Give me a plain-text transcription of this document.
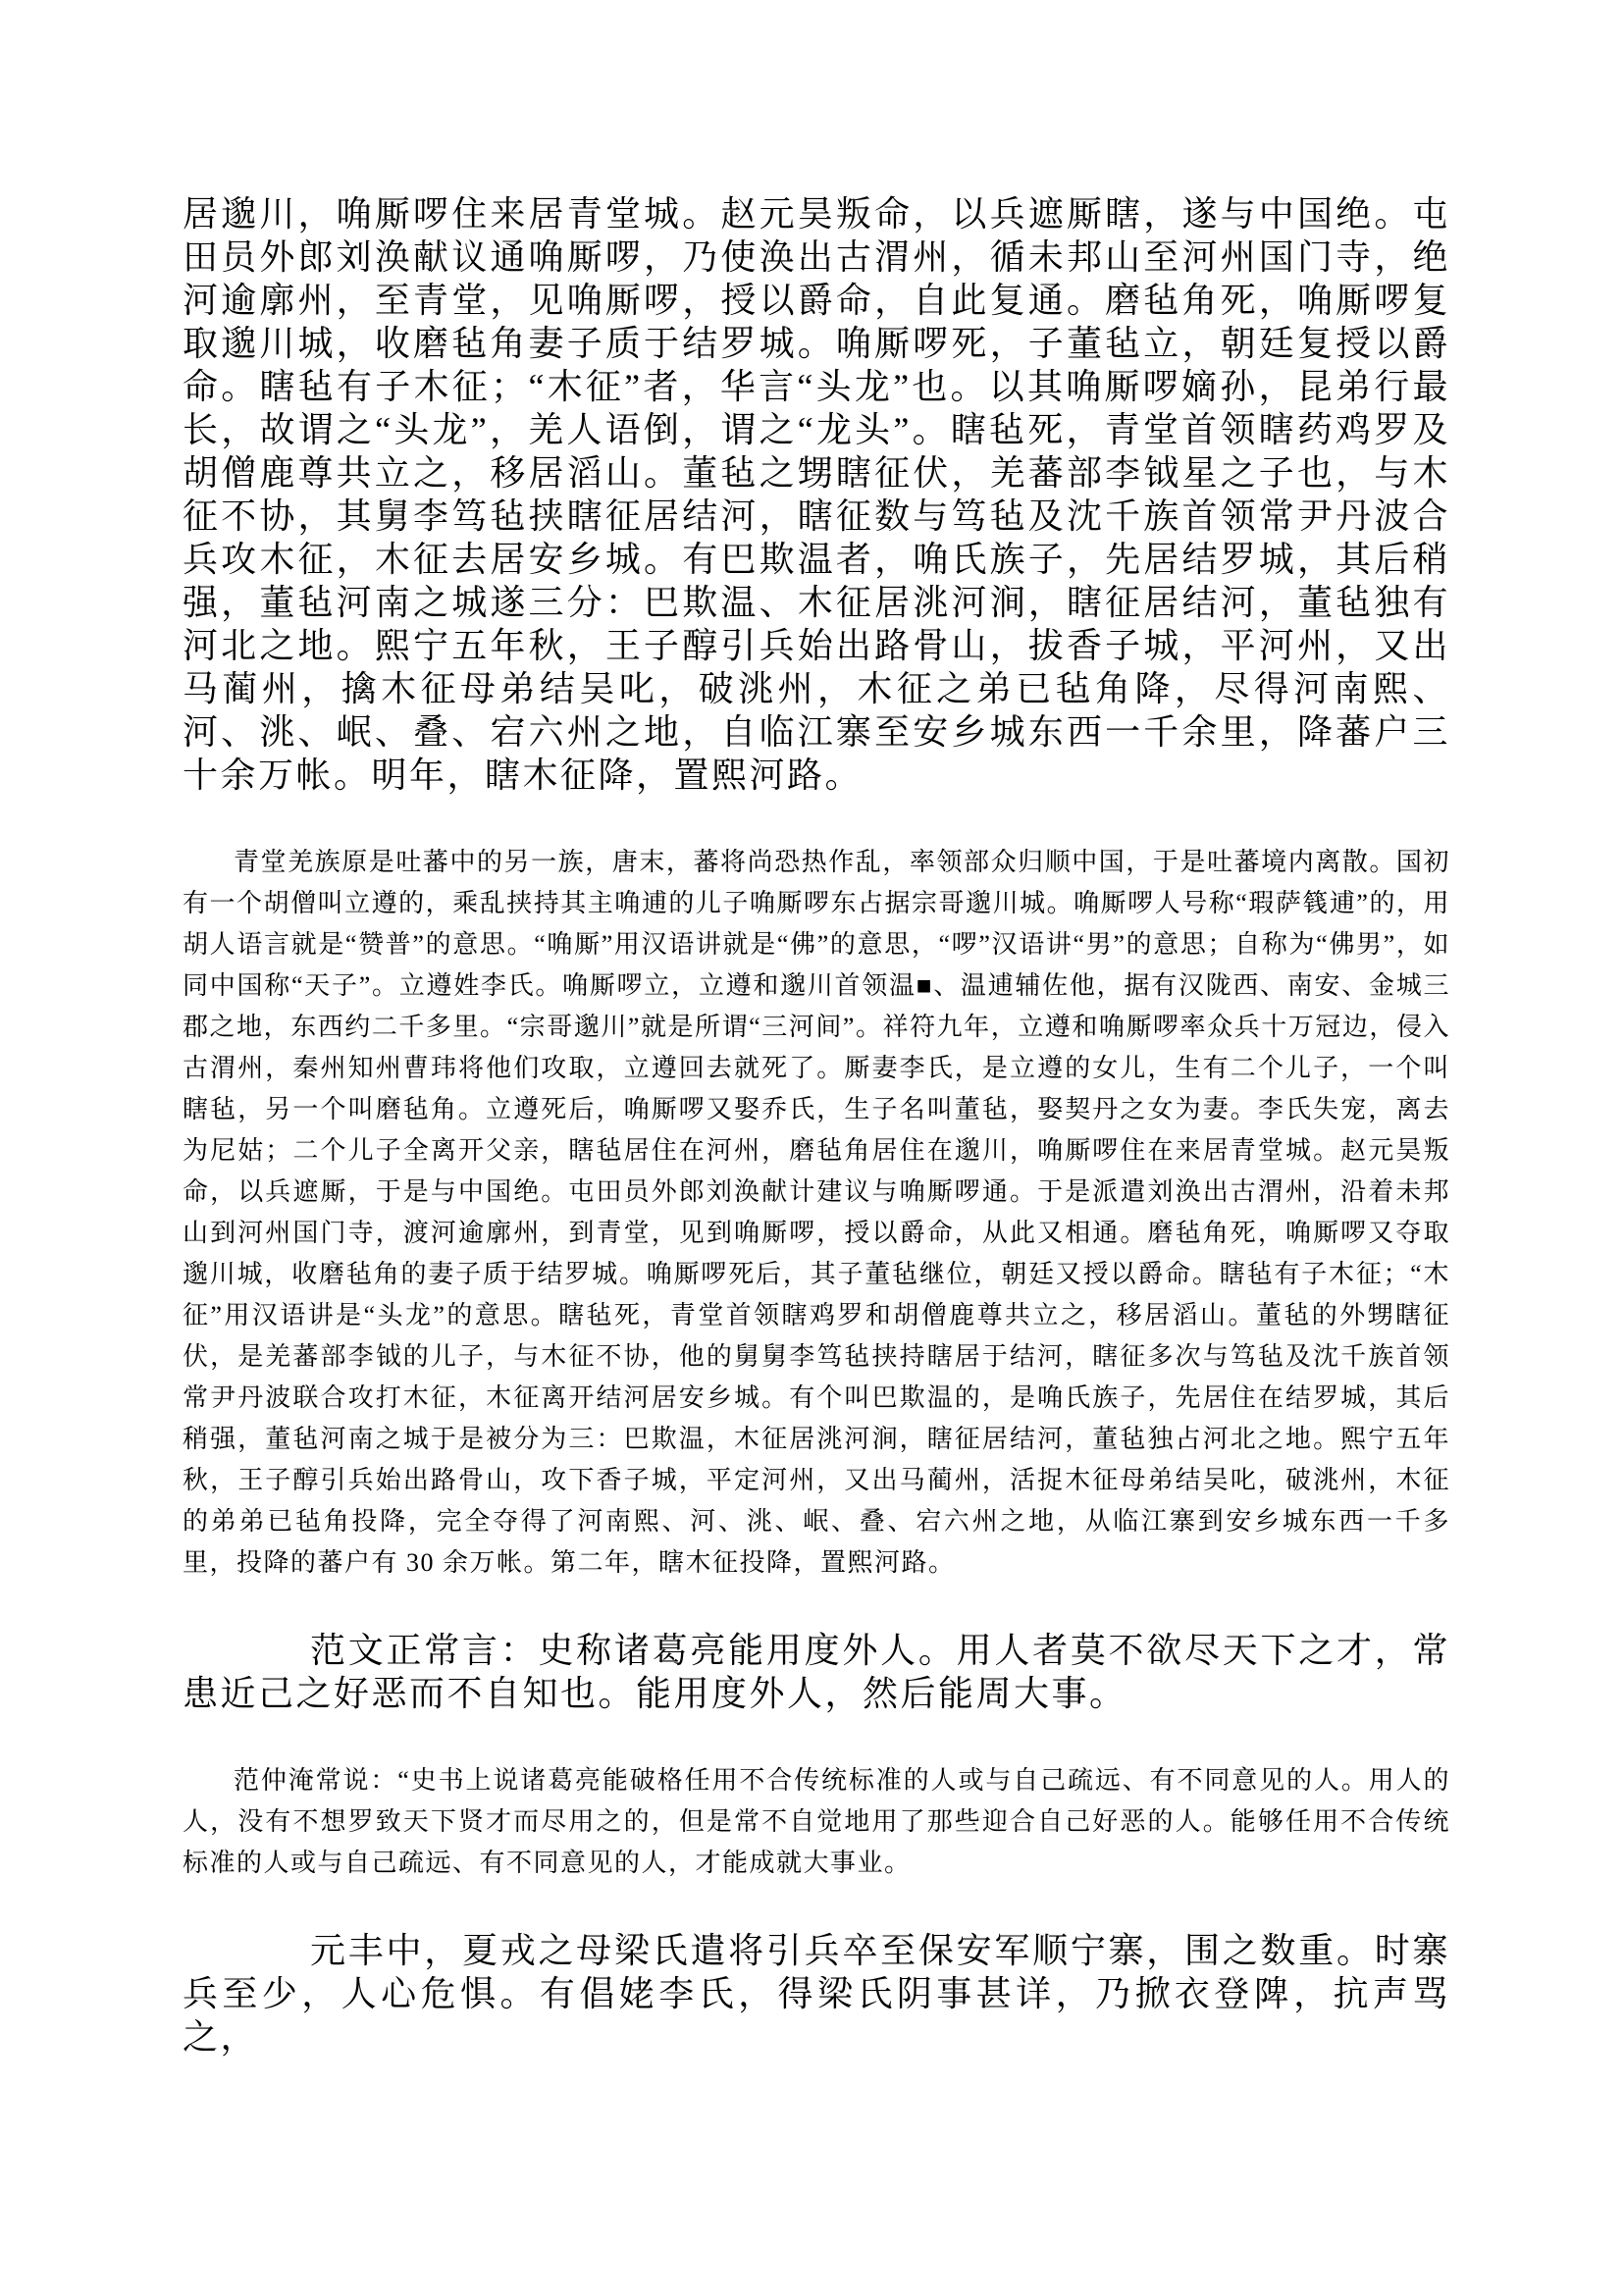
居邈川，唃厮啰住来居青堂城。赵元昊叛命，以兵遮厮瞎，遂与中国绝。屯田员外郎刘涣献议通唃厮啰，乃使涣出古渭州，循未邦山至河州国门寺，绝河逾廓州，至青堂，见唃厮啰，授以爵命，自此复通。磨毡角死，唃厮啰复取邈川城，收磨毡角妻子质于结罗城。唃厮啰死，子董毡立，朝廷复授以爵命。瞎毡有子木征；“木征”者，华言“头龙”也。以其唃厮啰嫡孙，昆弟行最长，故谓之“头龙”，羌人语倒，谓之“龙头”。瞎毡死，青堂首领瞎药鸡罗及胡僧鹿尊共立之，移居滔山。董毡之甥瞎征伏，羌蕃部李钺星之子也，与木征不协，其舅李笃毡挟瞎征居结河，瞎征数与笃毡及沈千族首领常尹丹波合兵攻木征，木征去居安乡城。有巴欺温者，唃氏族子，先居结罗城，其后稍强，董毡河南之城遂三分：巴欺温、木征居洮河涧，瞎征居结河，董毡独有河北之地。熙宁五年秋，王子醇引兵始出路骨山，拔香子城，平河州，又出马蔺州，擒木征母弟结吴叱，破洮州，木征之弟已毡角降，尽得河南熙、河、洮、岷、叠、宕六州之地，自临江寨至安乡城东西一千余里，降蕃户三十余万帐。明年，瞎木征降，置熙河路。

青堂羌族原是吐蕃中的另一族，唐末，蕃将尚恐热作乱，率领部众归顺中国，于是吐蕃境内离散。国初有一个胡僧叫立遵的，乘乱挟持其主唃逋的儿子唃厮啰东占据宗哥邈川城。唃厮啰人号称“瑕萨篯逋”的，用胡人语言就是“赞普”的意思。“唃厮”用汉语讲就是“佛”的意思，“啰”汉语讲“男”的意思；自称为“佛男”，如同中国称“天子”。立遵姓李氏。唃厮啰立，立遵和邈川首领温■、温逋辅佐他，据有汉陇西、南安、金城三郡之地，东西约二千多里。“宗哥邈川”就是所谓“三河间”。祥符九年，立遵和唃厮啰率众兵十万冠边，侵入古渭州，秦州知州曹玮将他们攻取，立遵回去就死了。厮妻李氏，是立遵的女儿，生有二个儿子，一个叫瞎毡，另一个叫磨毡角。立遵死后，唃厮啰又娶乔氏，生子名叫董毡，娶契丹之女为妻。李氏失宠，离去为尼姑；二个儿子全离开父亲，瞎毡居住在河州，磨毡角居住在邈川，唃厮啰住在来居青堂城。赵元昊叛命，以兵遮厮，于是与中国绝。屯田员外郎刘涣献计建议与唃厮啰通。于是派遣刘涣出古渭州，沿着未邦山到河州国门寺，渡河逾廓州，到青堂，见到唃厮啰，授以爵命，从此又相通。磨毡角死，唃厮啰又夺取邈川城，收磨毡角的妻子质于结罗城。唃厮啰死后，其子董毡继位，朝廷又授以爵命。瞎毡有子木征；“木征”用汉语讲是“头龙”的意思。瞎毡死，青堂首领瞎鸡罗和胡僧鹿尊共立之，移居滔山。董毡的外甥瞎征伏，是羌蕃部李钺的儿子，与木征不协，他的舅舅李笃毡挟持瞎居于结河，瞎征多次与笃毡及沈千族首领常尹丹波联合攻打木征，木征离开结河居安乡城。有个叫巴欺温的，是唃氏族子，先居住在结罗城，其后稍强，董毡河南之城于是被分为三：巴欺温，木征居洮河涧，瞎征居结河，董毡独占河北之地。熙宁五年秋，王子醇引兵始出路骨山，攻下香子城，平定河州，又出马蔺州，活捉木征母弟结吴叱，破洮州，木征的弟弟已毡角投降，完全夺得了河南熙、河、洮、岷、叠、宕六州之地，从临江寨到安乡城东西一千多里，投降的蕃户有 30 余万帐。第二年，瞎木征投降，置熙河路。

范文正常言：史称诸葛亮能用度外人。用人者莫不欲尽天下之才，常患近己之好恶而不自知也。能用度外人，然后能周大事。

范仲淹常说：“史书上说诸葛亮能破格任用不合传统标准的人或与自己疏远、有不同意见的人。用人的人，没有不想罗致天下贤才而尽用之的，但是常不自觉地用了那些迎合自己好恶的人。能够任用不合传统标准的人或与自己疏远、有不同意见的人，才能成就大事业。

元丰中，夏戎之母梁氏遣将引兵卒至保安军顺宁寨，围之数重。时寨兵至少，人心危惧。有倡姥李氏，得梁氏阴事甚详，乃掀衣登陴，抗声骂之，
